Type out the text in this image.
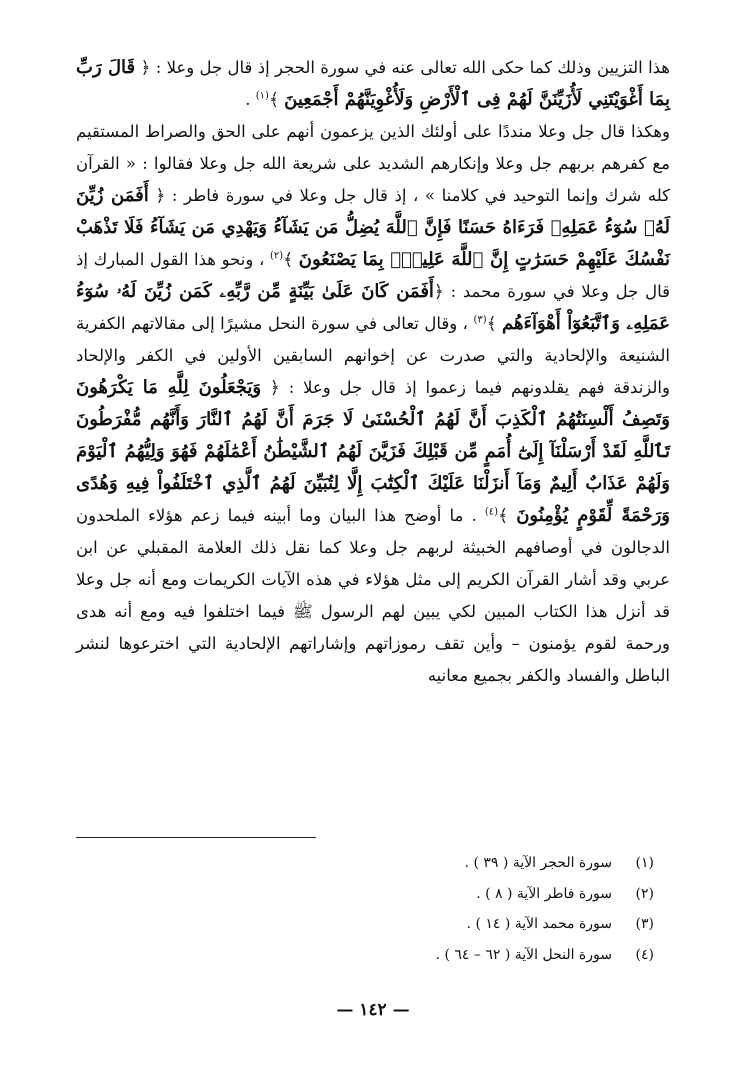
هذا التزيين وذلك كما حكى الله تعالى عنه في سورة الحجر إذ قال جل وعلا : ﴿ قَالَ رَبِّ بِمَا أَغْوَيْتَنِي لَأُزَيِّنَنَّ لَهُمْ فِى ٱلْأَرْضِ وَلَأُغْوِيَنَّهُمْ أَجْمَعِينَ ﴾$^{(١)}$ .
وهكذا قال جل وعلا منددًا على أولئك الذين يزعمون أنهم على الحق والصراط المستقيم مع كفرهم بربهم جل وعلا وإنكارهم الشديد على شريعة الله جل وعلا فقالوا : « القرآن كله شرك وإنما التوحيد في كلامنا » ، إذ قال جل وعلا في سورة فاطر : ﴿ أَفَمَن زُيِّنَ لَهُۥ سُوٓءُ عَمَلِهِۦ فَرَءَاهُ حَسَنًا فَإِنَّ ٱللَّهَ يُضِلُّ مَن يَشَآءُ وَيَهْدِي مَن يَشَآءُ فَلَا تَذْهَبْ نَفْسُكَ عَلَيْهِمْ حَسَرَٰتٍ إِنَّ ٱللَّهَ عَلِيمٌۢ بِمَا يَصْنَعُونَ ﴾$^{(٢)}$ ، ونحو هذا القول المبارك إذ قال جل وعلا في سورة محمد : ﴿أَفَمَن كَانَ عَلَىٰ بَيِّنَةٍ مِّن رَّبِّهِۦ كَمَن زُيِّنَ لَهُۥ سُوٓءُ عَمَلِهِۦ وَٱتَّبَعُوٓاْ أَهْوَآءَهُم ﴾$^{(٣)}$ ، وقال تعالى في سورة النحل مشيرًا إلى مقالاتهم الكفرية الشنيعة والإلحادية والتي صدرت عن إخوانهم السابقين الأولين في الكفر والإلحاد والزندقة فهم يقلدونهم فيما زعموا إذ قال جل وعلا : ﴿ وَيَجْعَلُونَ لِلَّهِ مَا يَكْرَهُونَ وَتَصِفُ أَلْسِنَتُهُمُ ٱلْكَذِبَ أَنَّ لَهُمُ ٱلْحُسْنَىٰ لَا جَرَمَ أَنَّ لَهُمُ ٱلنَّارَ وَأَنَّهُم مُّفْرَطُونَ تَٱللَّهِ لَقَدْ أَرْسَلْنَآ إِلَىٰٓ أُمَمٍ مِّن قَبْلِكَ فَزَيَّنَ لَهُمُ ٱلشَّيْطَٰنُ أَعْمَٰلَهُمْ فَهُوَ وَلِيُّهُمُ ٱلْيَوْمَ وَلَهُمْ عَذَابٌ أَلِيمٌ وَمَآ أَنزَلْنَا عَلَيْكَ ٱلْكِتَٰبَ إِلَّا لِتُبَيِّنَ لَهُمُ ٱلَّذِي ٱخْتَلَفُواْ فِيهِ وَهُدًى وَرَحْمَةً لِّقَوْمٍ يُؤْمِنُونَ ﴾$^{(٤)}$ . ما أوضح هذا البيان وما أبينه فيما زعم هؤلاء الملحدون الدجالون في أوصافهم الخبيثة لربهم جل وعلا كما نقل ذلك العلامة المقبلي عن ابن عربي وقد أشار القرآن الكريم إلى مثل هؤلاء في هذه الآيات الكريمات ومع أنه جل وعلا قد أنزل هذا الكتاب المبين لكي يبين لهم الرسول ﷺ فيما اختلفوا فيه ومع أنه هدى ورحمة لقوم يؤمنون – وأين تقف رموزاتهم وإشاراتهم الإلحادية التي اخترعوها لنشر الباطل والفساد والكفر بجميع معانيه

(١)
سورة الحجر الآية ( ٣٩ ) .
(٢)
سورة فاطر الآية ( ٨ ) .
(٣)
سورة محمد الآية ( ١٤ ) .
(٤)
سورة النحل الآية ( ٦٢ – ٦٤ ) .
— ١٤٢ —
